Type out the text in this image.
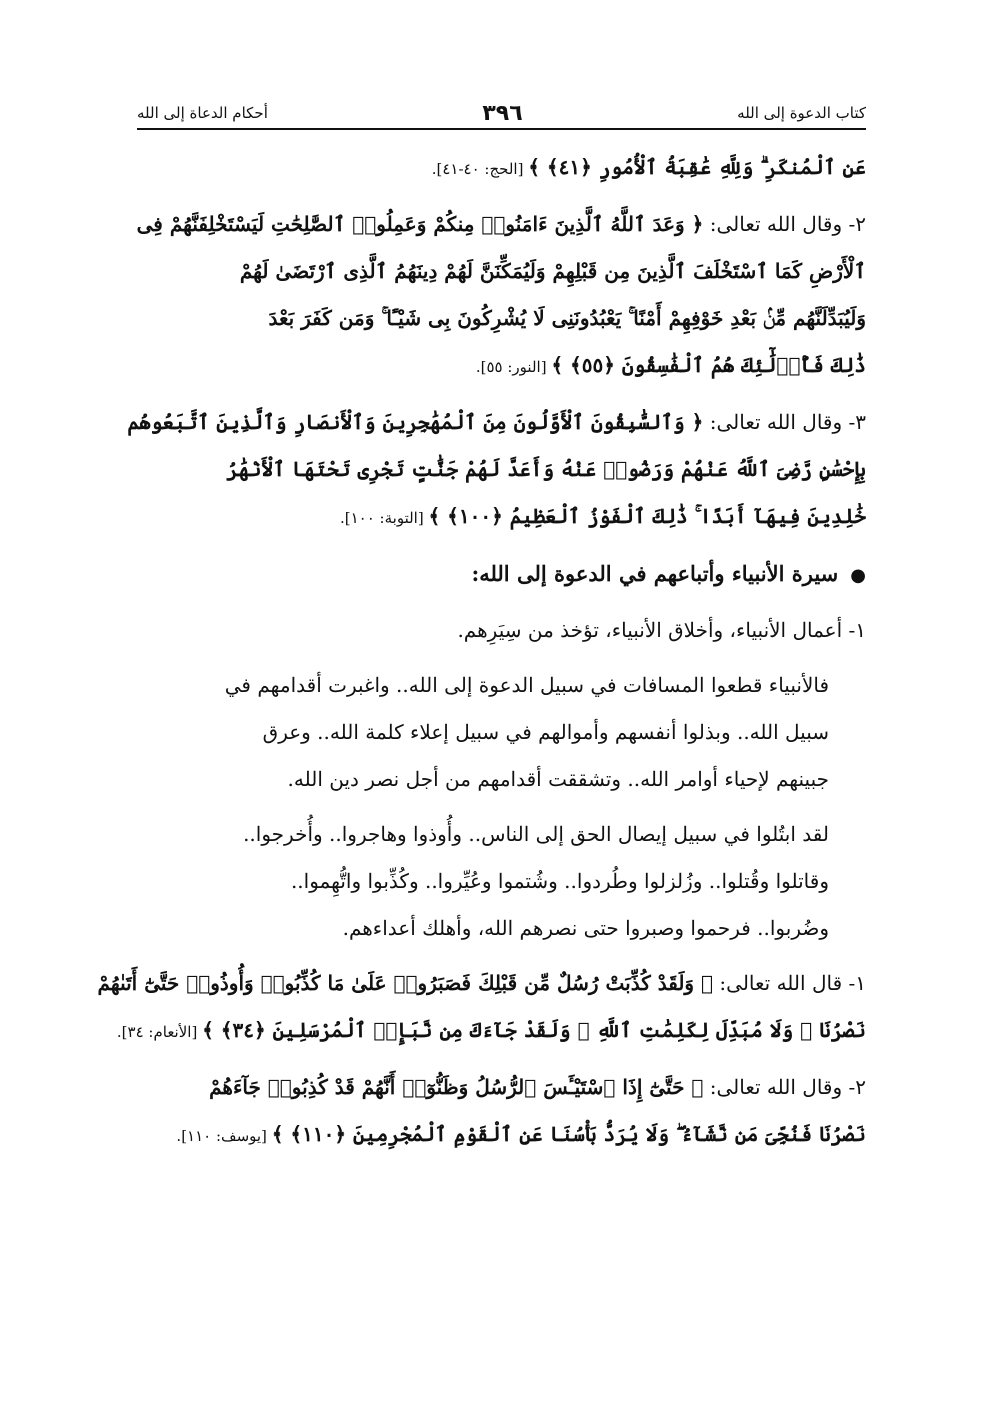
كتاب الدعوة إلى الله
٣٩٦
أحكام الدعاة إلى الله
عَنِ ٱلْمُنكَرِ ۗ وَلِلَّهِ عَٰقِبَةُ ٱلْأُمُورِ ﴿٤١﴾ ﴾ [الحج: ٤٠-٤١].
٢- وقال الله تعالى: ﴿ وَعَدَ ٱللَّهُ ٱلَّذِينَ ءَامَنُوا۟ مِنكُمْ وَعَمِلُوا۟ ٱلصَّٰلِحَٰتِ لَيَسْتَخْلِفَنَّهُمْ فِى
ٱلْأَرْضِ كَمَا ٱسْتَخْلَفَ ٱلَّذِينَ مِن قَبْلِهِمْ وَلَيُمَكِّنَنَّ لَهُمْ دِينَهُمُ ٱلَّذِى ٱرْتَضَىٰ لَهُمْ
وَلَيُبَدِّلَنَّهُم مِّنۢ بَعْدِ خَوْفِهِمْ أَمْنًا ۚ يَعْبُدُونَنِى لَا يُشْرِكُونَ بِى شَيْـًٔا ۚ وَمَن كَفَرَ بَعْدَ
ذَٰلِكَ فَأُو۟لَٰٓئِكَ هُمُ ٱلْفَٰسِقُونَ ﴿٥٥﴾ ﴾ [النور: ٥٥].
٣- وقال الله تعالى: ﴿ وَٱلسَّٰبِقُونَ ٱلْأَوَّلُونَ مِنَ ٱلْمُهَٰجِرِينَ وَٱلْأَنصَارِ وَٱلَّذِينَ ٱتَّبَعُوهُم
بِإِحْسَٰنٍ رَّضِىَ ٱللَّهُ عَنْهُمْ وَرَضُوا۟ عَنْهُ وَأَعَدَّ لَهُمْ جَنَّٰتٍ تَجْرِى تَحْتَهَا ٱلْأَنْهَٰرُ
خَٰلِدِينَ فِيهَآ أَبَدًا ۚ ذَٰلِكَ ٱلْفَوْزُ ٱلْعَظِيمُ ﴿١٠٠﴾ ﴾ [التوبة: ١٠٠].
●سيرة الأنبياء وأتباعهم في الدعوة إلى الله:
١- أعمال الأنبياء، وأخلاق الأنبياء، تؤخذ من سِيَرِهم.
فالأنبياء قطعوا المسافات في سبيل الدعوة إلى الله.. واغبرت أقدامهم في
سبيل الله.. وبذلوا أنفسهم وأموالهم في سبيل إعلاء كلمة الله.. وعرق
جبينهم لإحياء أوامر الله.. وتشققت أقدامهم من أجل نصر دين الله.
لقد ابتُلوا في سبيل إيصال الحق إلى الناس.. وأُوذوا وهاجروا.. وأُخرجوا..
وقاتلوا وقُتلوا.. وزُلزلوا وطُردوا.. وشُتموا وعُيِّروا.. وكُذِّبوا واتُّهِموا..
وضُربوا.. فرحموا وصبروا حتى نصرهم الله، وأهلك أعداءهم.
١- قال الله تعالى: ﴿ وَلَقَدْ كُذِّبَتْ رُسُلٌ مِّن قَبْلِكَ فَصَبَرُوا۟ عَلَىٰ مَا كُذِّبُوا۟ وَأُوذُوا۟ حَتَّىٰٓ أَتَىٰهُمْ
نَصْرُنَا ۚ وَلَا مُبَدِّلَ لِكَلِمَٰتِ ٱللَّهِ ۚ وَلَقَدْ جَآءَكَ مِن نَّبَإِى۟ ٱلْمُرْسَلِينَ ﴿٣٤﴾ ﴾ [الأنعام: ٣٤].
٢- وقال الله تعالى: ﴿ حَتَّىٰٓ إِذَا ٱسْتَيْـَٔسَ ٱلرُّسُلُ وَظَنُّوٓا۟ أَنَّهُمْ قَدْ كُذِبُوا۟ جَآءَهُمْ
نَصْرُنَا فَنُجِّىَ مَن نَّشَآءُ ۖ وَلَا يُرَدُّ بَأْسُنَا عَنِ ٱلْقَوْمِ ٱلْمُجْرِمِينَ ﴿١١٠﴾ ﴾ [يوسف: ١١٠].
